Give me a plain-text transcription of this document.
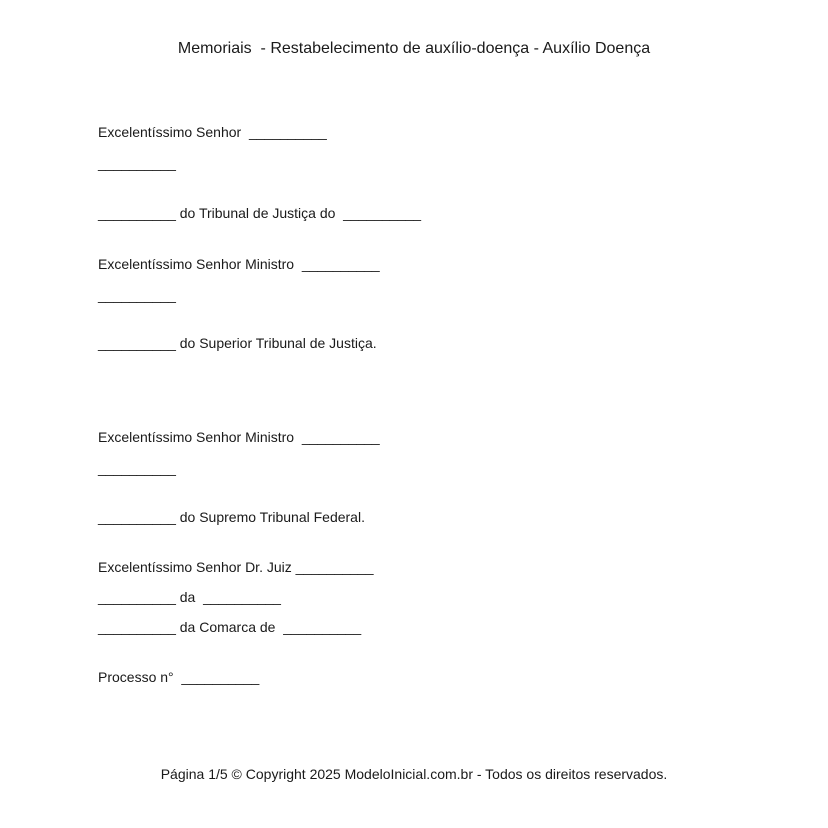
Memoriais  - Restabelecimento de auxílio-doença - Auxílio Doença

Excelentíssimo Senhor  __________

__________

__________ do Tribunal de Justiça do  __________

Excelentíssimo Senhor Ministro  __________

__________

__________ do Superior Tribunal de Justiça.

Excelentíssimo Senhor Ministro  __________

__________

__________ do Supremo Tribunal Federal.

Excelentíssimo Senhor Dr. Juiz __________

__________ da  __________

__________ da Comarca de  __________

Processo n°  __________

Página 1/5 © Copyright 2025 ModeloInicial.com.br - Todos os direitos reservados.
